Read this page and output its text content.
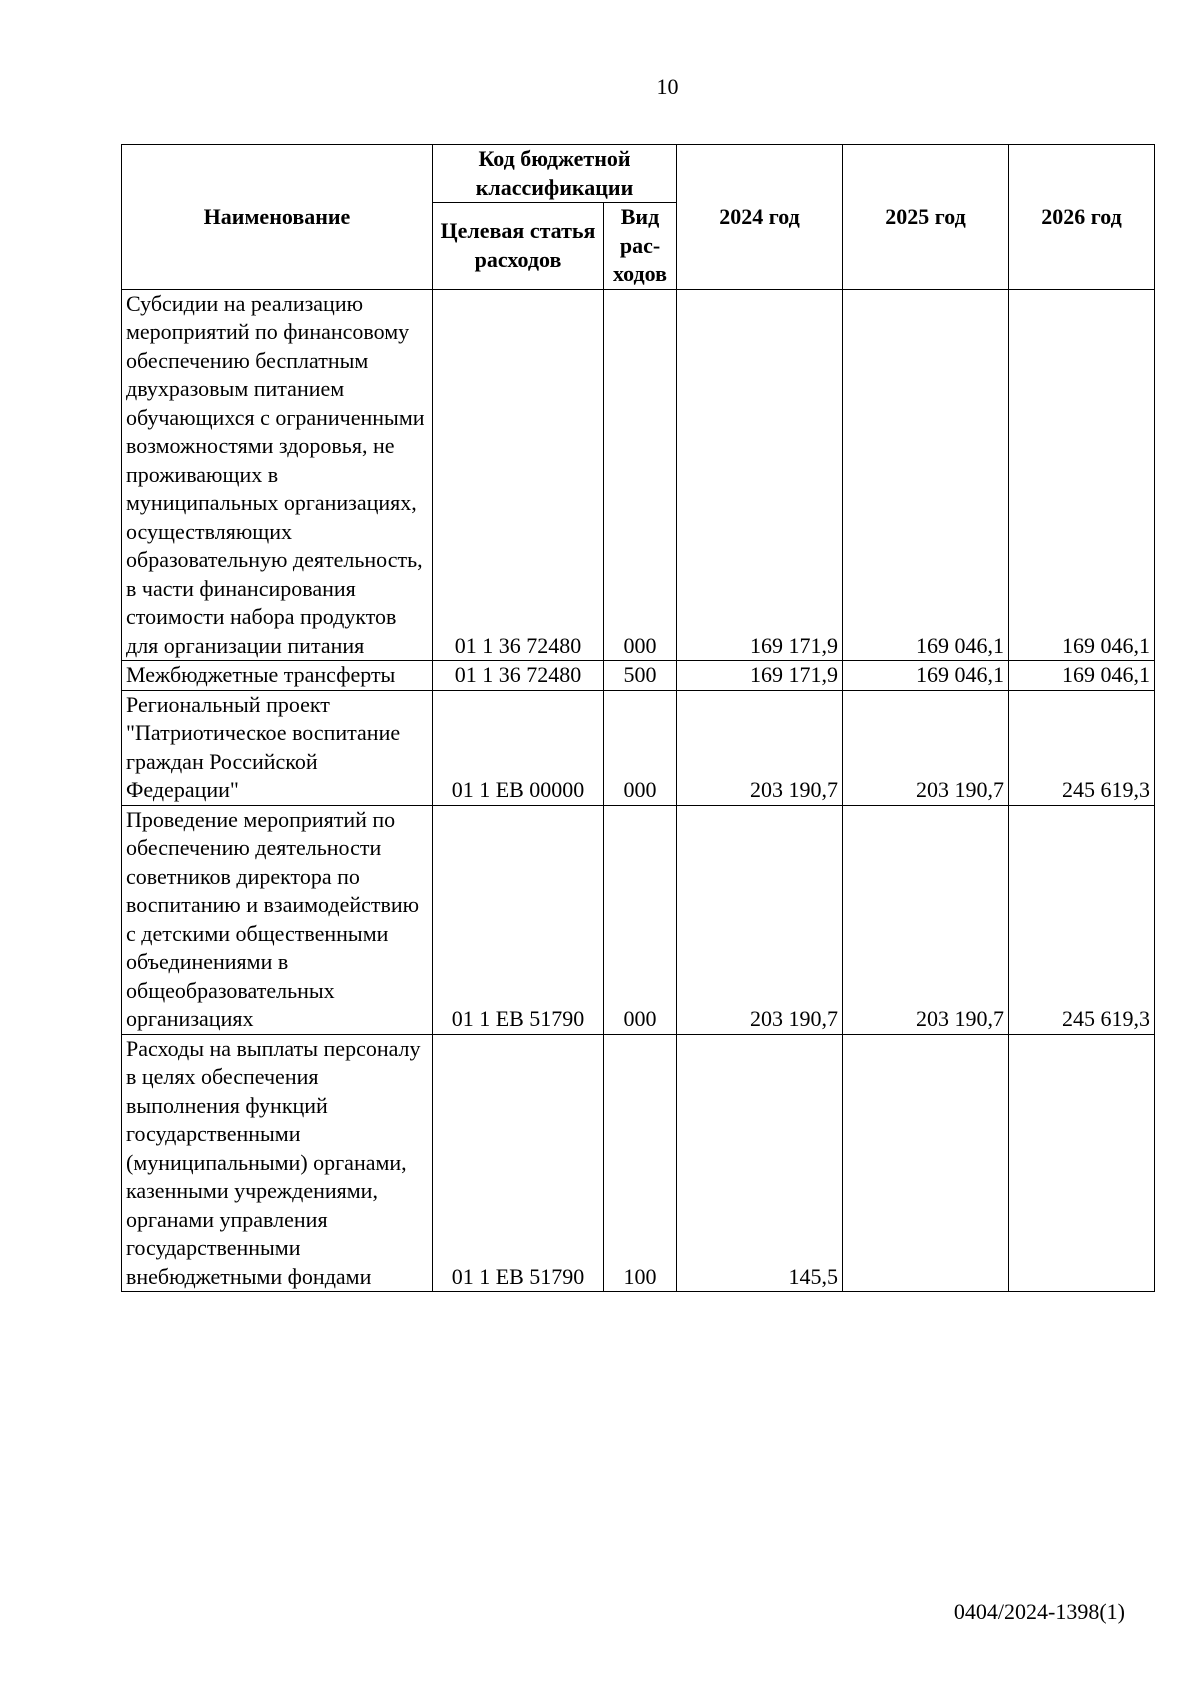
10
Наименование	Код бюджетной классификации		2024 год	2025 год	2026 год
	Целевая статья расходов	Вид рас-ходов			
Субсидии на реализацию мероприятий по финансовому обеспечению бесплатным двухразовым питанием обучающихся с ограниченными возможностями здоровья, не проживающих в муниципальных организациях, осуществляющих образовательную деятельность, в части финансирования стоимости набора продуктов для организации питания	01 1 36 72480	000	169 171,9	169 046,1	169 046,1
Межбюджетные трансферты	01 1 36 72480	500	169 171,9	169 046,1	169 046,1
Региональный проект "Патриотическое воспитание граждан Российской Федерации"	01 1 EB 00000	000	203 190,7	203 190,7	245 619,3
Проведение мероприятий по обеспечению деятельности советников директора по воспитанию и взаимодействию с детскими общественными объединениями в общеобразовательных организациях	01 1 EB 51790	000	203 190,7	203 190,7	245 619,3
Расходы на выплаты персоналу в целях обеспечения выполнения функций государственными (муниципальными) органами, казенными учреждениями, органами управления государственными внебюджетными фондами	01 1 EB 51790	100	145,5		
0404/2024-1398(1)
